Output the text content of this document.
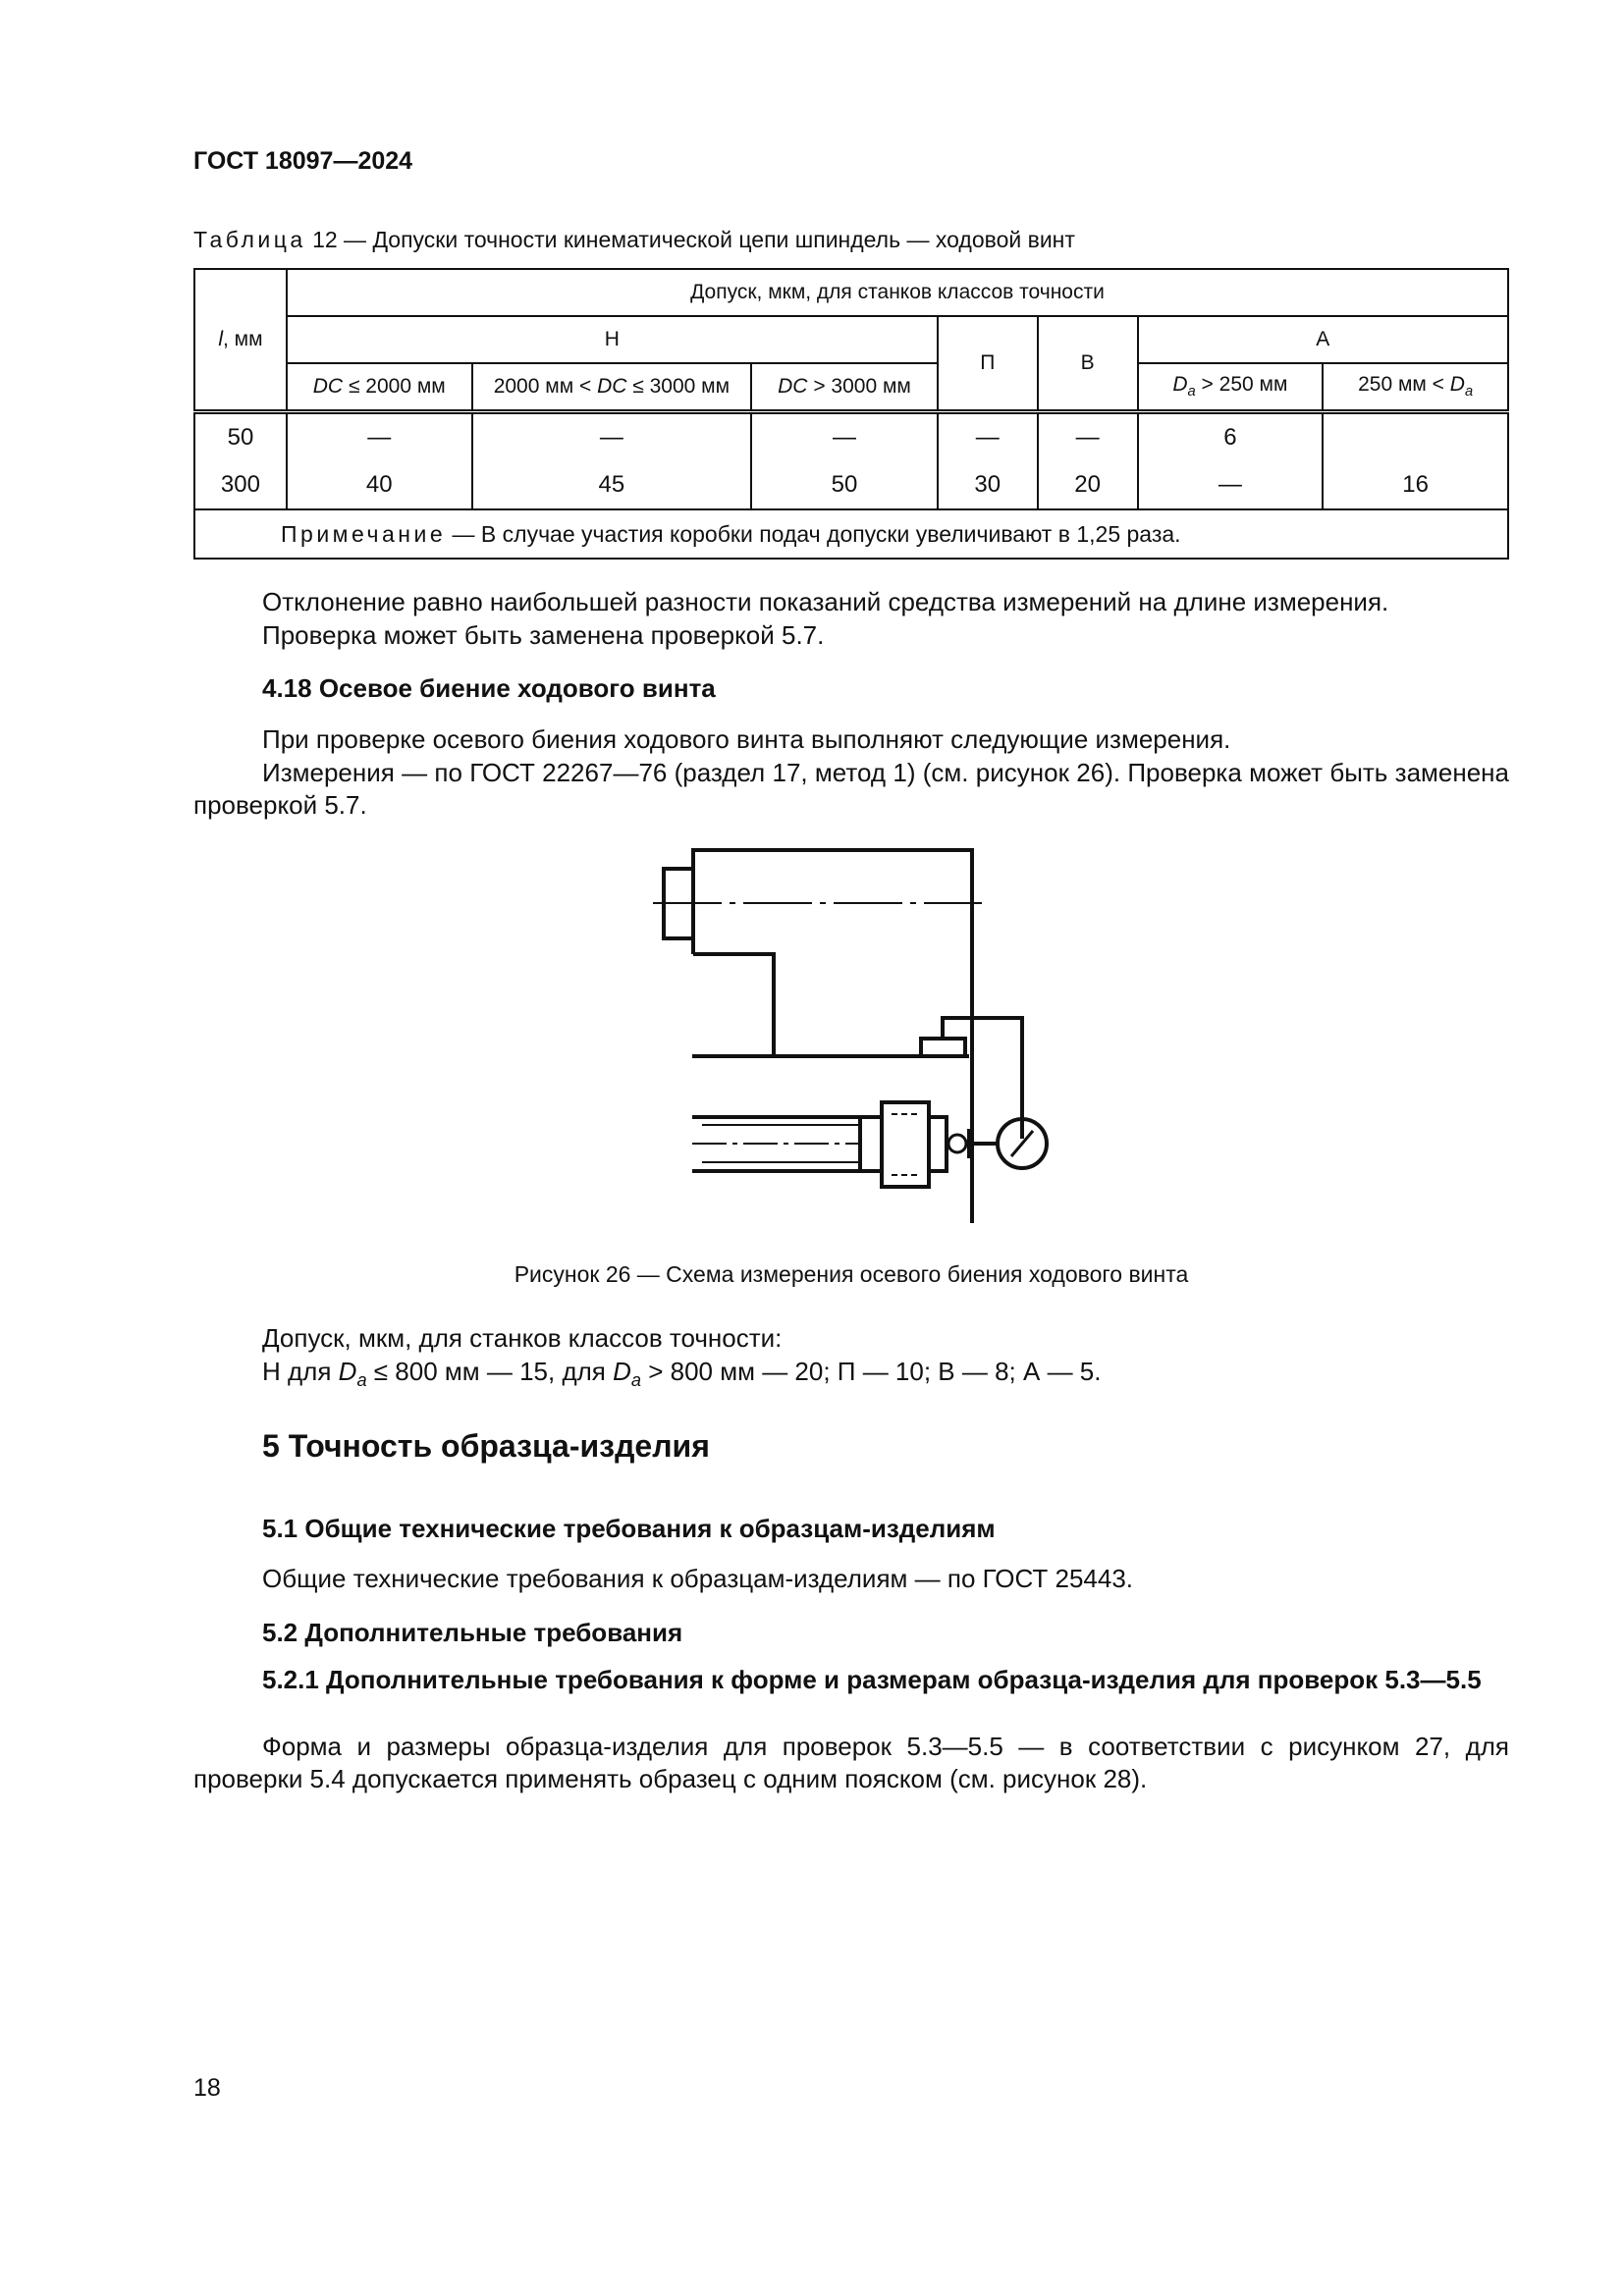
ГОСТ 18097—2024
Таблица 12 — Допуски точности кинематической цепи шпиндель — ходовой винт
l, мм	Допуск, мкм, для станков классов точности						
	Н			П	В	А	
	DC ≤ 2000 мм	2000 мм < DC ≤ 3000 мм	DC > 3000 мм			$D_a > 250$ мм	250 мм < $D_a$
50	—	—	—	—	—	6	
300	40	45	50	30	20	—	16
Примечание — В случае участия коробки подач допуски увеличивают в 1,25 раза.							
Отклонение равно наибольшей разности показаний средства измерений на длине измерения.
Проверка может быть заменена проверкой 5.7.
4.18 Осевое биение ходового винта
При проверке осевого биения ходового винта выполняют следующие измерения.
Измерения — по ГОСТ 22267—76 (раздел 17, метод 1) (см. рисунок 26). Проверка может быть заменена проверкой 5.7.
Рисунок 26 — Схема измерения осевого биения ходового винта
Допуск, мкм, для станков классов точности:
Н для $D_a \le 800$ мм — 15, для $D_a > 800$ мм — 20; П — 10; В — 8; А — 5.
5 Точность образца-изделия
5.1 Общие технические требования к образцам-изделиям
Общие технические требования к образцам-изделиям — по ГОСТ 25443.
5.2 Дополнительные требования
5.2.1 Дополнительные требования к форме и размерам образца-изделия для проверок 5.3—5.5
Форма и размеры образца-изделия для проверок 5.3—5.5 — в соответствии с рисунком 27, для проверки 5.4 допускается применять образец с одним пояском (см. рисунок 28).
18
